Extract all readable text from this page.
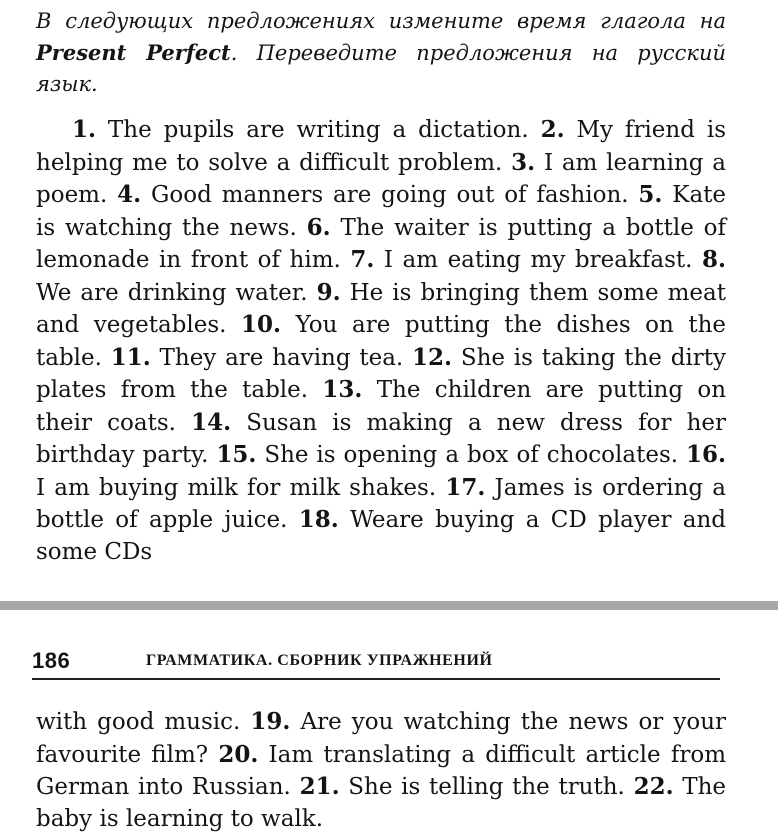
В следующих предложениях измените время глагола на Present Perfect. Переведите предложения на русский язык.

1. The pupils are writing a dictation. 2. My friend is helping me to solve a difficult problem. 3. I am learning a poem. 4. Good manners are going out of fashion. 5. Kate is watching the news. 6. The waiter is putting a bottle of lemonade in front of him. 7. I am eating my breakfast. 8. We are drinking water. 9. He is bringing them some meat and vegetables. 10. You are putting the dishes on the table. 11. They are having tea. 12. She is taking the dirty plates from the table. 13. The children are putting on their coats. 14. Susan is making a new dress for her birthday party. 15. She is opening a box of chocolates. 16. I am buying milk for milk shakes. 17. James is ordering a bottle of apple juice. 18. Weare buying a CD player and some CDs

186	ГРАММАТИКА. СБОРНИК УПРАЖНЕНИЙ

with good music. 19. Are you watching the news or your favourite film? 20. Iam translating a difficult article from German into Russian. 21. She is telling the truth. 22. The baby is learning to walk.
